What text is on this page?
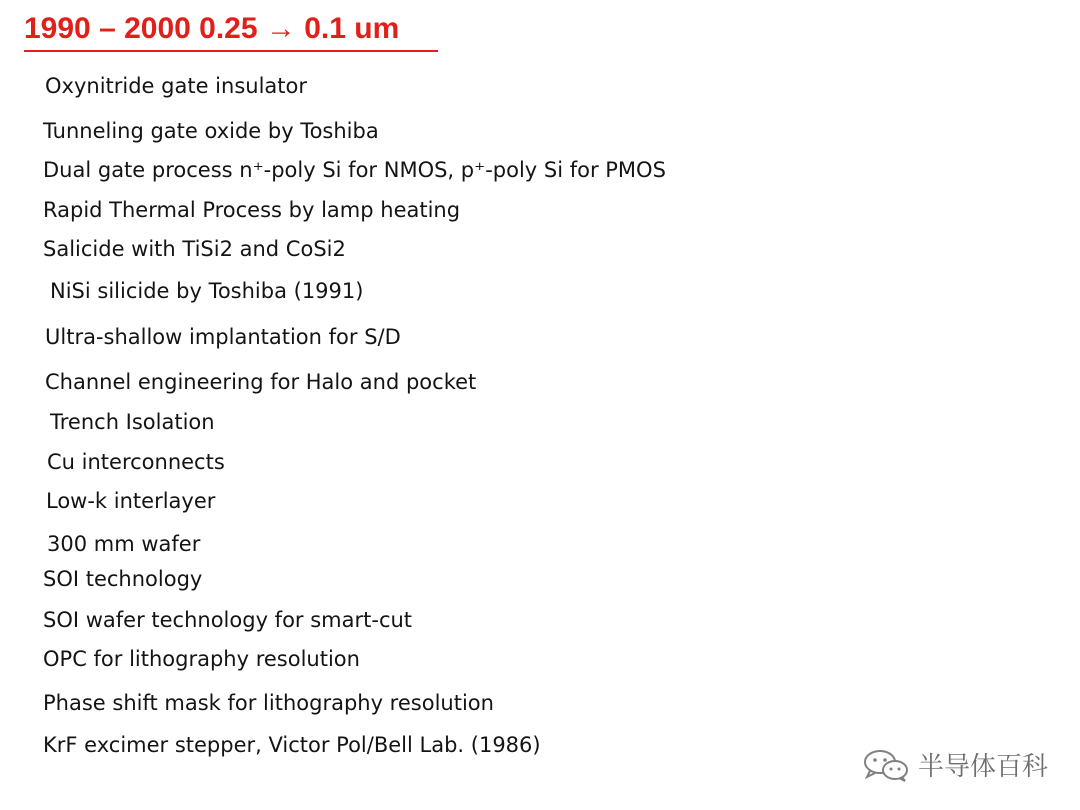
1990 – 2000 0.25 → 0.1 um
Oxynitride gate insulator
Tunneling gate oxide by Toshiba
Dual gate process n⁺-poly Si for NMOS, p⁺-poly Si for PMOS
Rapid Thermal Process by lamp heating
Salicide with TiSi2 and CoSi2
NiSi silicide by Toshiba (1991)
Ultra-shallow implantation for S/D
Channel engineering for Halo and pocket
Trench Isolation
Cu interconnects
Low-k interlayer
300 mm wafer
SOI technology
SOI wafer technology for smart-cut
OPC for lithography resolution
Phase shift mask for lithography resolution
KrF excimer stepper, Victor Pol/Bell Lab. (1986)
半导体百科
